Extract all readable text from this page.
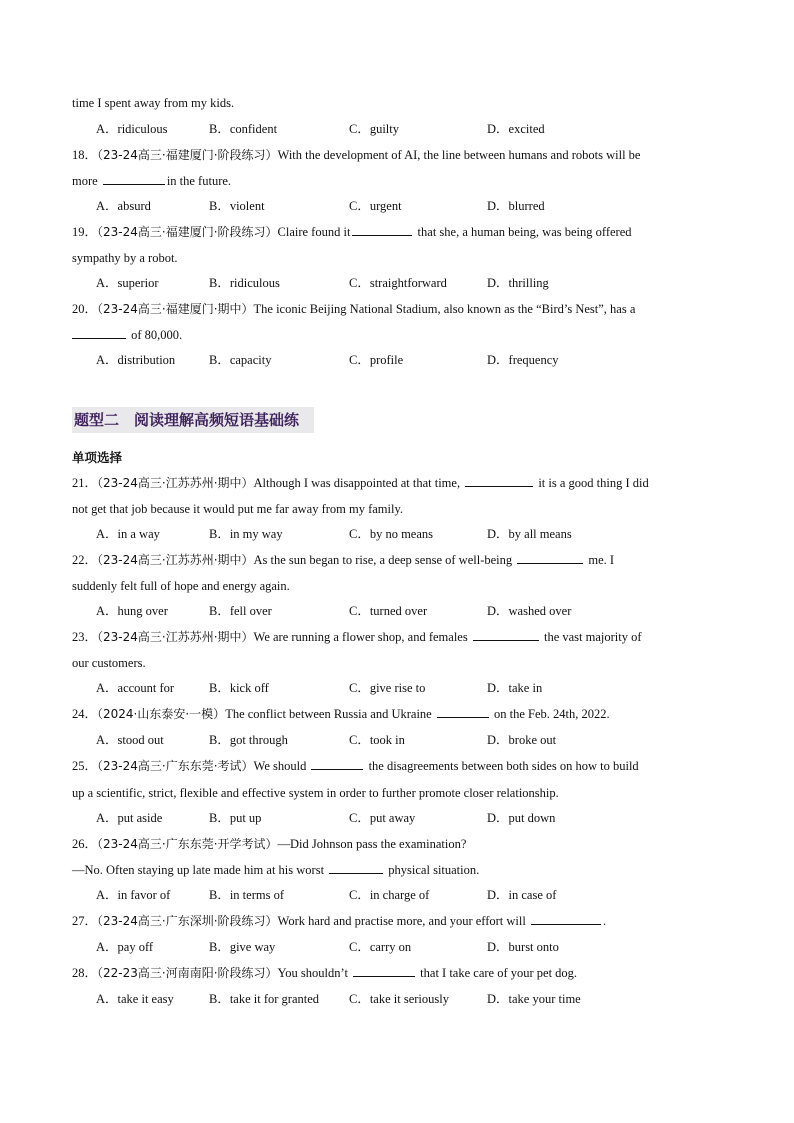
time I spent away from my kids.
A．ridiculous	B．confident	C．guilty	D．excited
18．（23-24高三·福建厦门·阶段练习）With the development of AI, the line between humans and robots will be
more	in the future.
A．absurd	B．violent	C．urgent	D．blurred
19．（23-24高三·福建厦门·阶段练习）Claire found it	that she, a human being, was being offered
sympathy by a robot.
A．superior	B．ridiculous	C．straightforward	D．thrilling
20．（23-24高三·福建厦门·期中）The iconic Beijing National Stadium, also known as the “Bird’s Nest”, has a
of 80,000.
A．distribution	B．capacity	C．profile	D．frequency
题型二　阅读理解高频短语基础练
单项选择
21．（23-24高三·江苏苏州·期中）Although I was disappointed at that time,	it is a good thing I did
not get that job because it would put me far away from my family.
A．in a way	B．in my way	C．by no means	D．by all means
22．（23-24高三·江苏苏州·期中）As the sun began to rise, a deep sense of well-being	me. I
suddenly felt full of hope and energy again.
A．hung over	B．fell over	C．turned over	D．washed over
23．（23-24高三·江苏苏州·期中）We are running a flower shop, and females	the vast majority of
our customers.
A．account for	B．kick off	C．give rise to	D．take in
24．（2024·山东泰安·一模）The conflict between Russia and Ukraine	on the Feb. 24th, 2022.
A．stood out	B．got through	C．took in	D．broke out
25．（23-24高三·广东东莞·考试）We should	the disagreements between both sides on how to build
up a scientific, strict, flexible and effective system in order to further promote closer relationship.
A．put aside	B．put up	C．put away	D．put down
26．（23-24高三·广东东莞·开学考试）—Did Johnson pass the examination?
—No. Often staying up late made him at his worst	physical situation.
A．in favor of	B．in terms of	C．in charge of	D．in case of
27．（23-24高三·广东深圳·阶段练习）Work hard and practise more, and your effort will	.
A．pay off	B．give way	C．carry on	D．burst onto
28．（22-23高三·河南南阳·阶段练习）You shouldn’t	that I take care of your pet dog.
A．take it easy	B．take it for granted C．take it seriously	D．take your time
